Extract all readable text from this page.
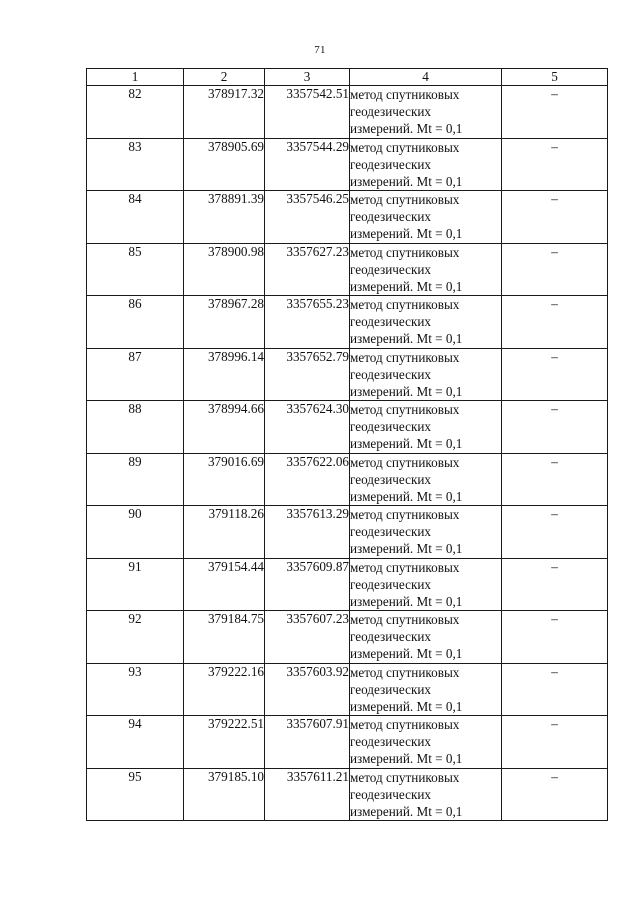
71
1	2	3	4	5
82	378917.32	3357542.51	метод спутниковых
геодезических
измерений. Mt = 0,1	–
83	378905.69	3357544.29	метод спутниковых
геодезических
измерений. Mt = 0,1	–
84	378891.39	3357546.25	метод спутниковых
геодезических
измерений. Mt = 0,1	–
85	378900.98	3357627.23	метод спутниковых
геодезических
измерений. Mt = 0,1	–
86	378967.28	3357655.23	метод спутниковых
геодезических
измерений. Mt = 0,1	–
87	378996.14	3357652.79	метод спутниковых
геодезических
измерений. Mt = 0,1	–
88	378994.66	3357624.30	метод спутниковых
геодезических
измерений. Mt = 0,1	–
89	379016.69	3357622.06	метод спутниковых
геодезических
измерений. Mt = 0,1	–
90	379118.26	3357613.29	метод спутниковых
геодезических
измерений. Mt = 0,1	–
91	379154.44	3357609.87	метод спутниковых
геодезических
измерений. Mt = 0,1	–
92	379184.75	3357607.23	метод спутниковых
геодезических
измерений. Mt = 0,1	–
93	379222.16	3357603.92	метод спутниковых
геодезических
измерений. Mt = 0,1	–
94	379222.51	3357607.91	метод спутниковых
геодезических
измерений. Mt = 0,1	–
95	379185.10	3357611.21	метод спутниковых
геодезических
измерений. Mt = 0,1	–
